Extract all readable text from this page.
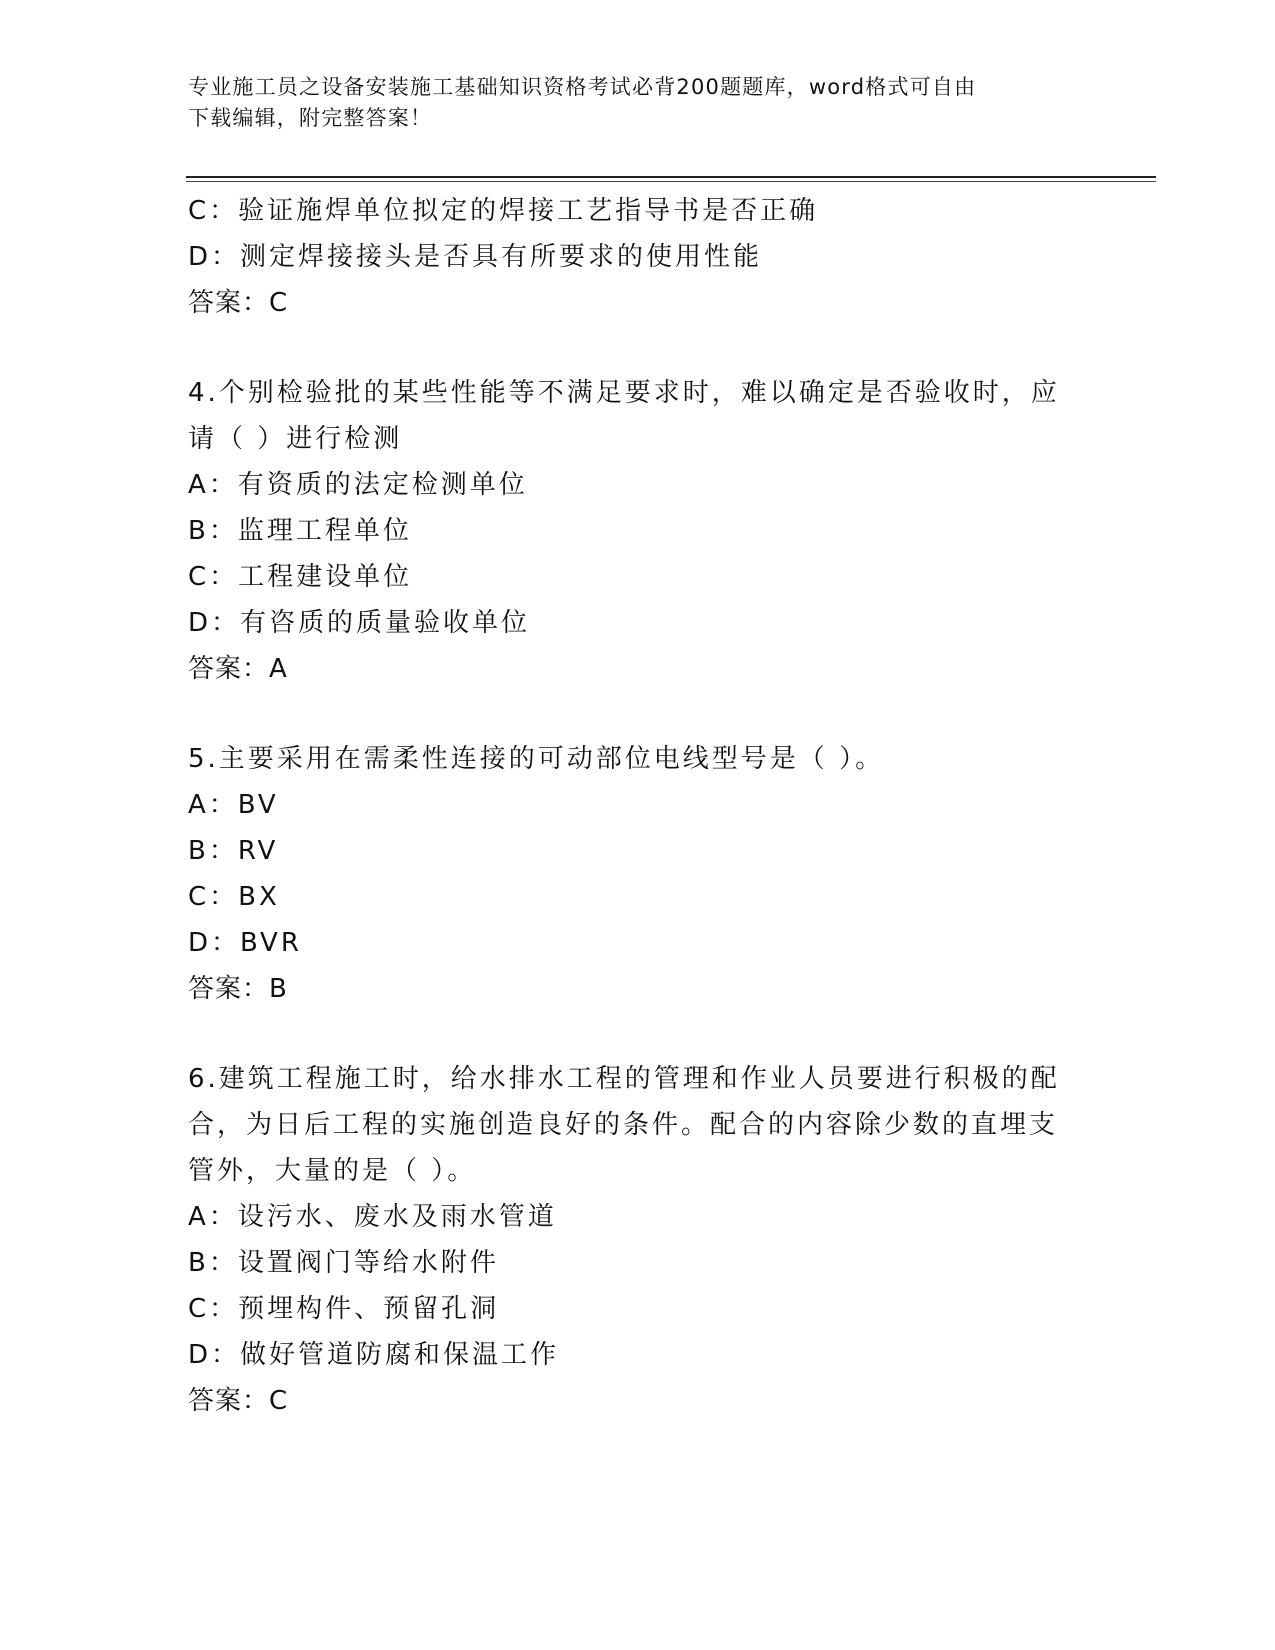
专业施工员之设备安装施工基础知识资格考试必背200题题库，word格式可自由
下载编辑，附完整答案！
C：验证施焊单位拟定的焊接工艺指导书是否正确
D：测定焊接接头是否具有所要求的使用性能
答案：C
4.个别检验批的某些性能等不满足要求时，难以确定是否验收时，应
请（ ）进行检测
A：有资质的法定检测单位
B：监理工程单位
C：工程建设单位
D：有咨质的质量验收单位
答案：A
5.主要采用在需柔性连接的可动部位电线型号是（ ）。
A：BV
B：RV
C：BX
D：BVR
答案：B
6.建筑工程施工时，给水排水工程的管理和作业人员要进行积极的配
合，为日后工程的实施创造良好的条件。配合的内容除少数的直埋支
管外，大量的是（ ）。
A：设污水、废水及雨水管道
B：设置阀门等给水附件
C：预埋构件、预留孔洞
D：做好管道防腐和保温工作
答案：C
